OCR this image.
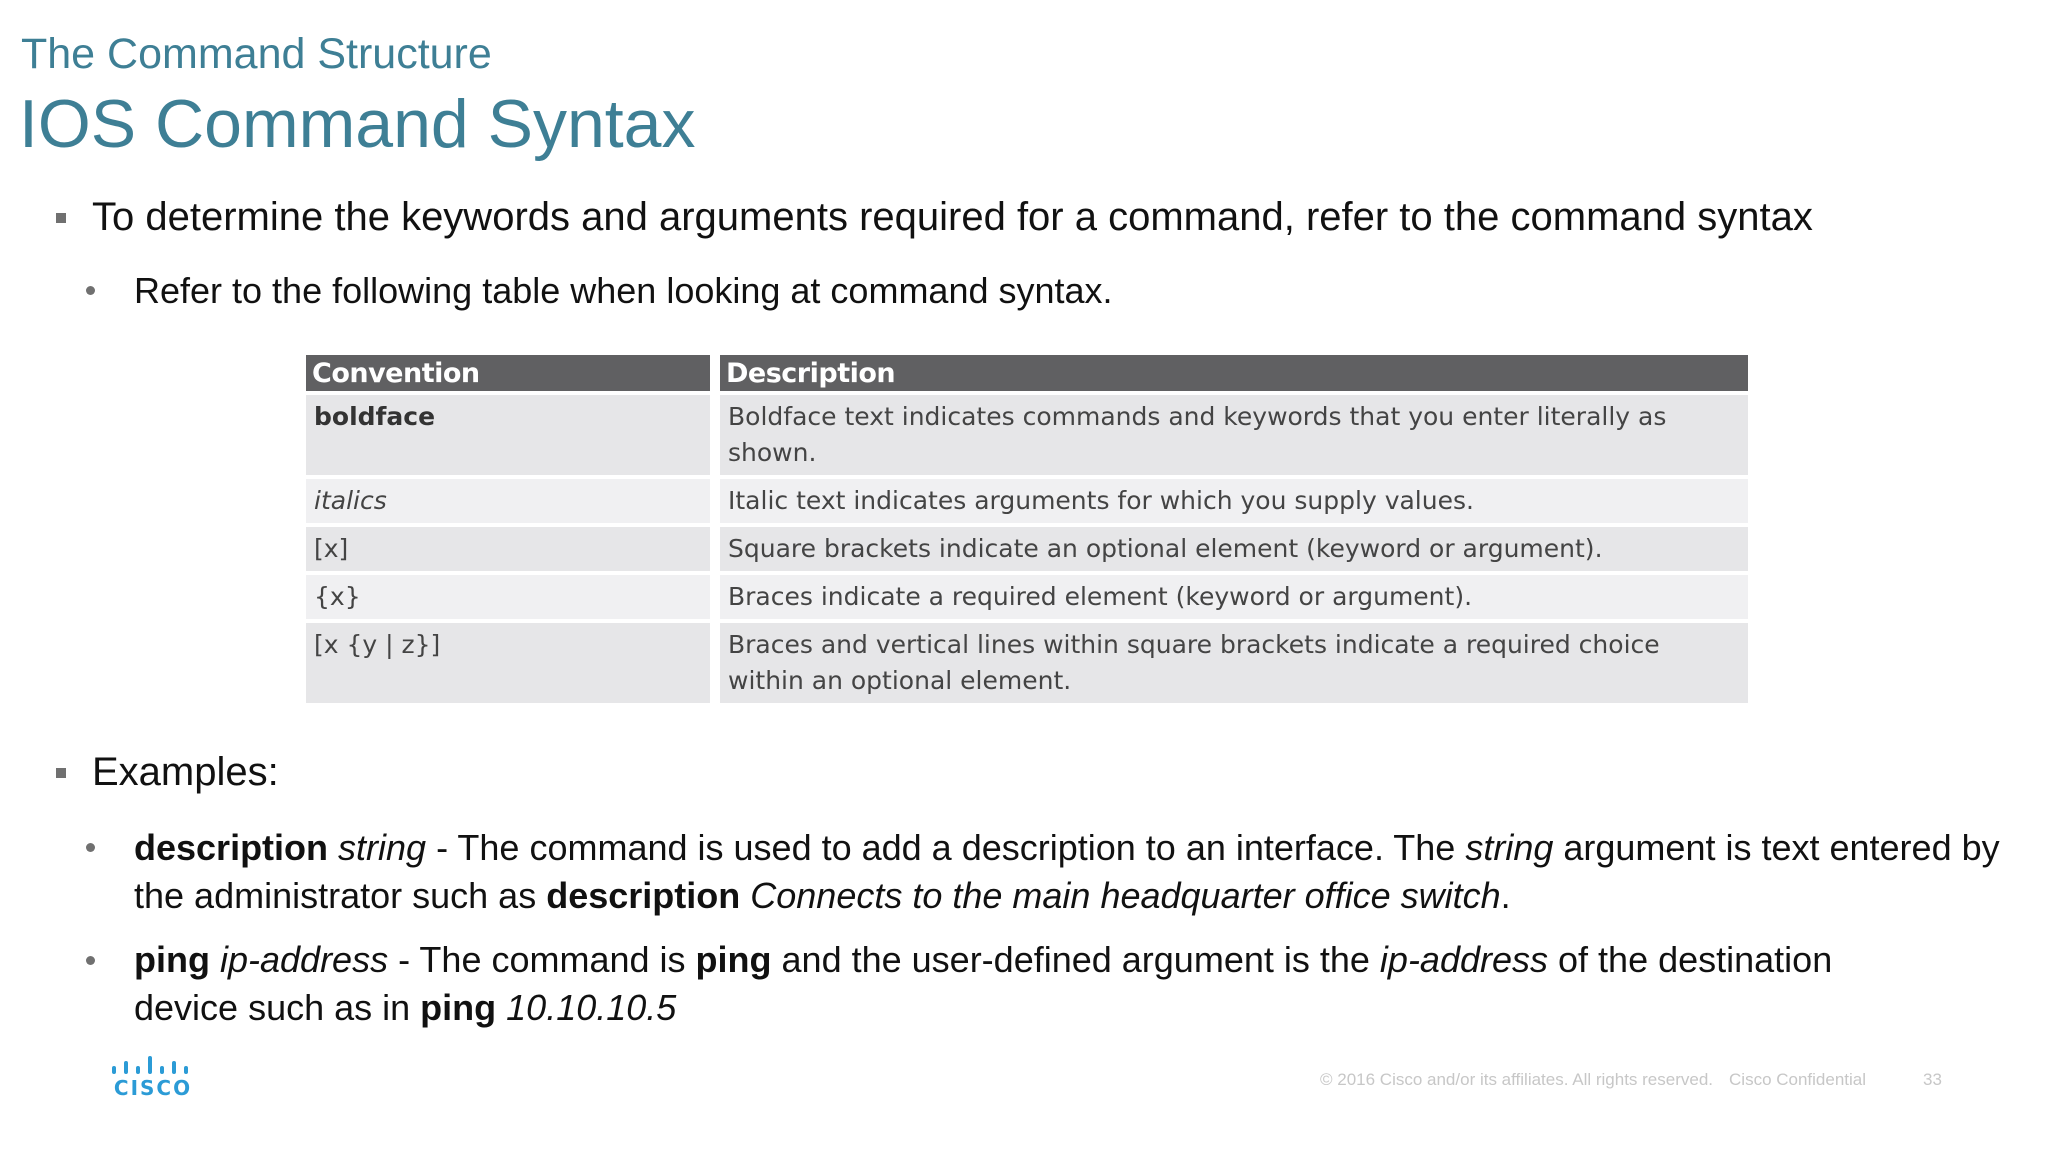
The Command Structure
IOS Command Syntax
To determine the keywords and arguments required for a command, refer to the command syntax
Refer to the following table when looking at command syntax.
Convention	Description
boldface	Boldface text indicates commands and keywords that you enter literally as shown.
italics	Italic text indicates arguments for which you supply values.
[x]	Square brackets indicate an optional element (keyword or argument).
{x}	Braces indicate a required element (keyword or argument).
[x {y | z}]	Braces and vertical lines within square brackets indicate a required choice within an optional element.
Examples:
description string - The command is used to add a description to an interface. The string argument is text entered by the administrator such as description Connects to the main headquarter office switch.
ping ip-address - The command is ping and the user-defined argument is the ip-address of the destination device such as in ping 10.10.10.5
CISCO	© 2016 Cisco and/or its affiliates. All rights reserved. Cisco Confidential	33
